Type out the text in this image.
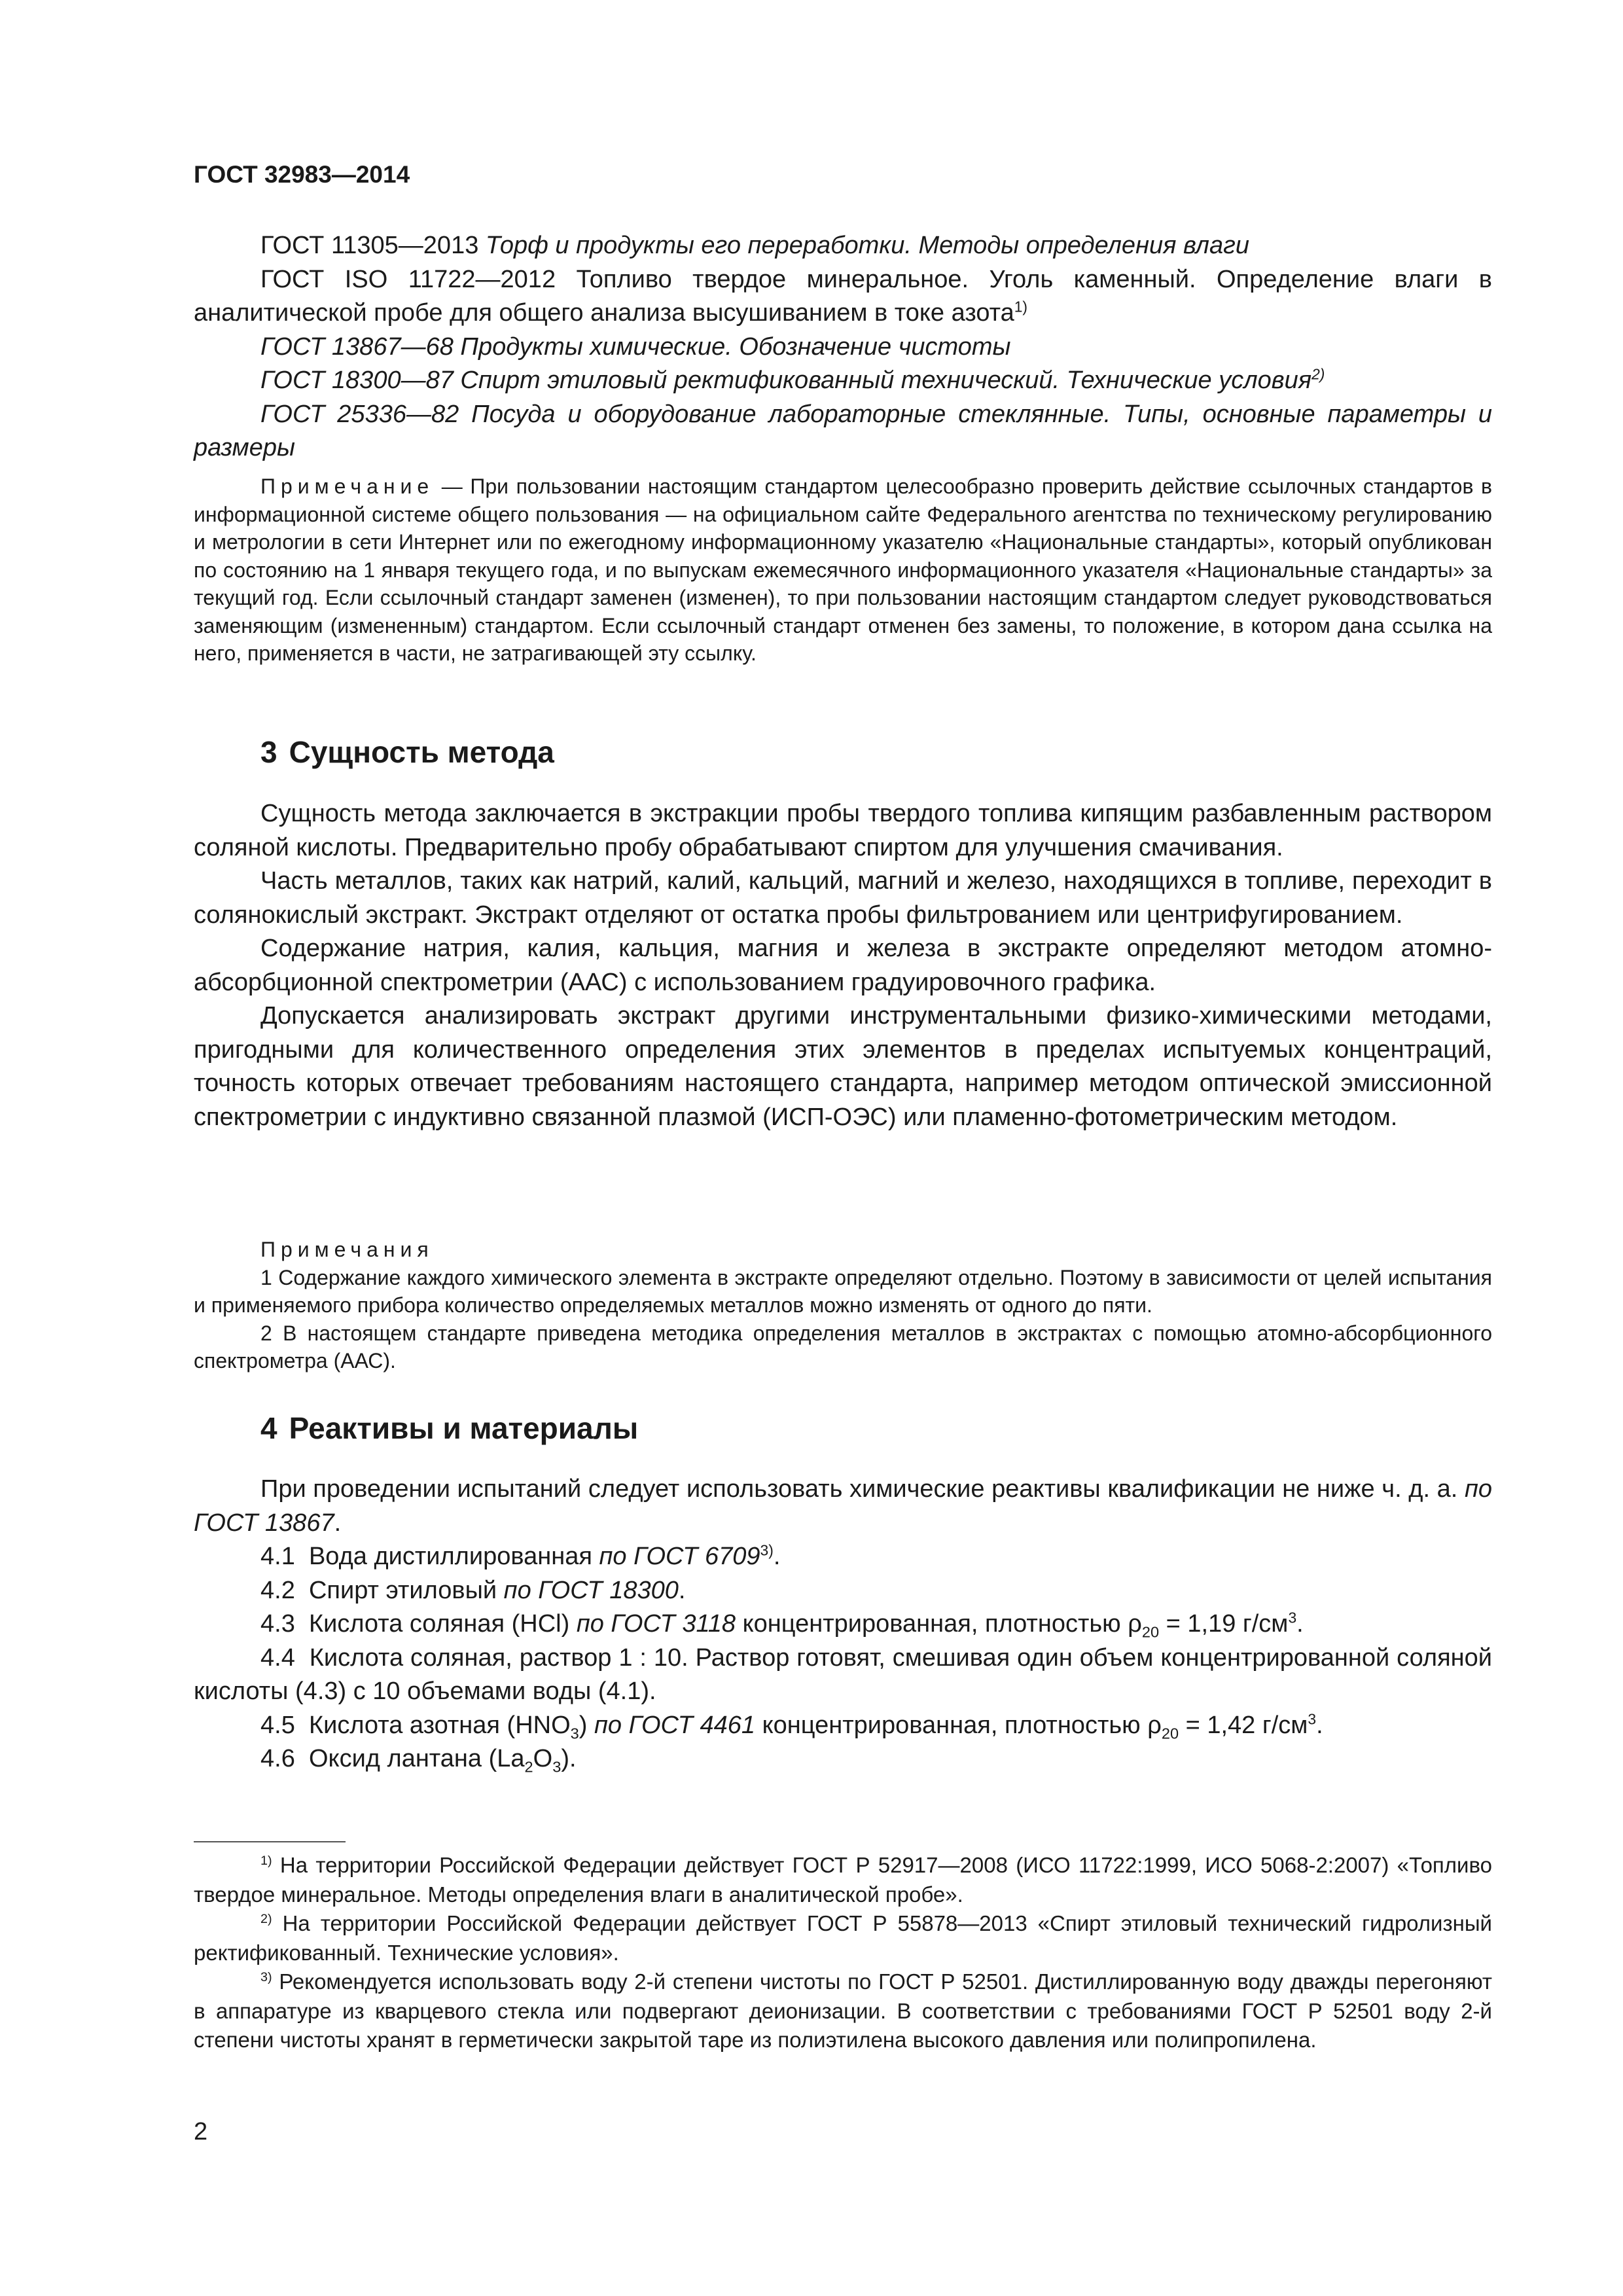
ГОСТ 32983—2014

ГОСТ 11305—2013 Торф и продукты его переработки. Методы определения влаги

ГОСТ ISO 11722—2012 Топливо твердое минеральное. Уголь каменный. Определение влаги в аналитической пробе для общего анализа высушиванием в токе азота$^{1)}$

ГОСТ 13867—68 Продукты химические. Обозначение чистоты

ГОСТ 18300—87 Спирт этиловый ректификованный технический. Технические условия$^{2)}$

ГОСТ 25336—82 Посуда и оборудование лабораторные стеклянные. Типы, основные параметры и размеры

Примечание — При пользовании настоящим стандартом целесообразно проверить действие ссылочных стандартов в информационной системе общего пользования — на официальном сайте Федерального агентства по техническому регулированию и метрологии в сети Интернет или по ежегодному информационному указателю «Национальные стандарты», который опубликован по состоянию на 1 января текущего года, и по выпускам ежемесячного информационного указателя «Национальные стандарты» за текущий год. Если ссылочный стандарт заменен (изменен), то при пользовании настоящим стандартом следует руководствоваться заменяющим (измененным) стандартом. Если ссылочный стандарт отменен без замены, то положение, в котором дана ссылка на него, применяется в части, не затрагивающей эту ссылку.

3 Сущность метода

Сущность метода заключается в экстракции пробы твердого топлива кипящим разбавленным раствором соляной кислоты. Предварительно пробу обрабатывают спиртом для улучшения смачивания.

Часть металлов, таких как натрий, калий, кальций, магний и железо, находящихся в топливе, переходит в солянокислый экстракт. Экстракт отделяют от остатка пробы фильтрованием или центрифугированием.

Содержание натрия, калия, кальция, магния и железа в экстракте определяют методом атомно-абсорбционной спектрометрии (ААС) с использованием градуировочного графика.

Допускается анализировать экстракт другими инструментальными физико-химическими методами, пригодными для количественного определения этих элементов в пределах испытуемых концентраций, точность которых отвечает требованиям настоящего стандарта, например методом оптической эмиссионной спектрометрии с индуктивно связанной плазмой (ИСП-ОЭС) или пламенно-фотометрическим методом.

Примечания

1 Содержание каждого химического элемента в экстракте определяют отдельно. Поэтому в зависимости от целей испытания и применяемого прибора количество определяемых металлов можно изменять от одного до пяти.

2 В настоящем стандарте приведена методика определения металлов в экстрактах с помощью атомно-абсорбционного спектрометра (ААС).

4 Реактивы и материалы

При проведении испытаний следует использовать химические реактивы квалификации не ниже ч. д. а. по ГОСТ 13867.

4.1 Вода дистиллированная по ГОСТ 6709$^{3)}$.

4.2 Спирт этиловый по ГОСТ 18300.

4.3 Кислота соляная (HCl) по ГОСТ 3118 концентрированная, плотностью $\rho_{20} = 1,19$ $г/см^3$.

4.4 Кислота соляная, раствор 1 : 10. Раствор готовят, смешивая один объем концентрированной соляной кислоты (4.3) с 10 объемами воды (4.1).

4.5 Кислота азотная $(HNO_3)$ по ГОСТ 4461 концентрированная, плотностью $\rho_{20} = 1,42$ $г/см^3$.

4.6 Оксид лантана $(La_2O_3)$.

$^{1)}$ На территории Российской Федерации действует ГОСТ Р 52917—2008 (ИСО 11722:1999, ИСО 5068-2:2007) «Топливо твердое минеральное. Методы определения влаги в аналитической пробе».

$^{2)}$ На территории Российской Федерации действует ГОСТ Р 55878—2013 «Спирт этиловый технический гидролизный ректификованный. Технические условия».

$^{3)}$ Рекомендуется использовать воду 2-й степени чистоты по ГОСТ Р 52501. Дистиллированную воду дважды перегоняют в аппаратуре из кварцевого стекла или подвергают деионизации. В соответствии с требованиями ГОСТ Р 52501 воду 2-й степени чистоты хранят в герметически закрытой таре из полиэтилена высокого давления или полипропилена.

2
